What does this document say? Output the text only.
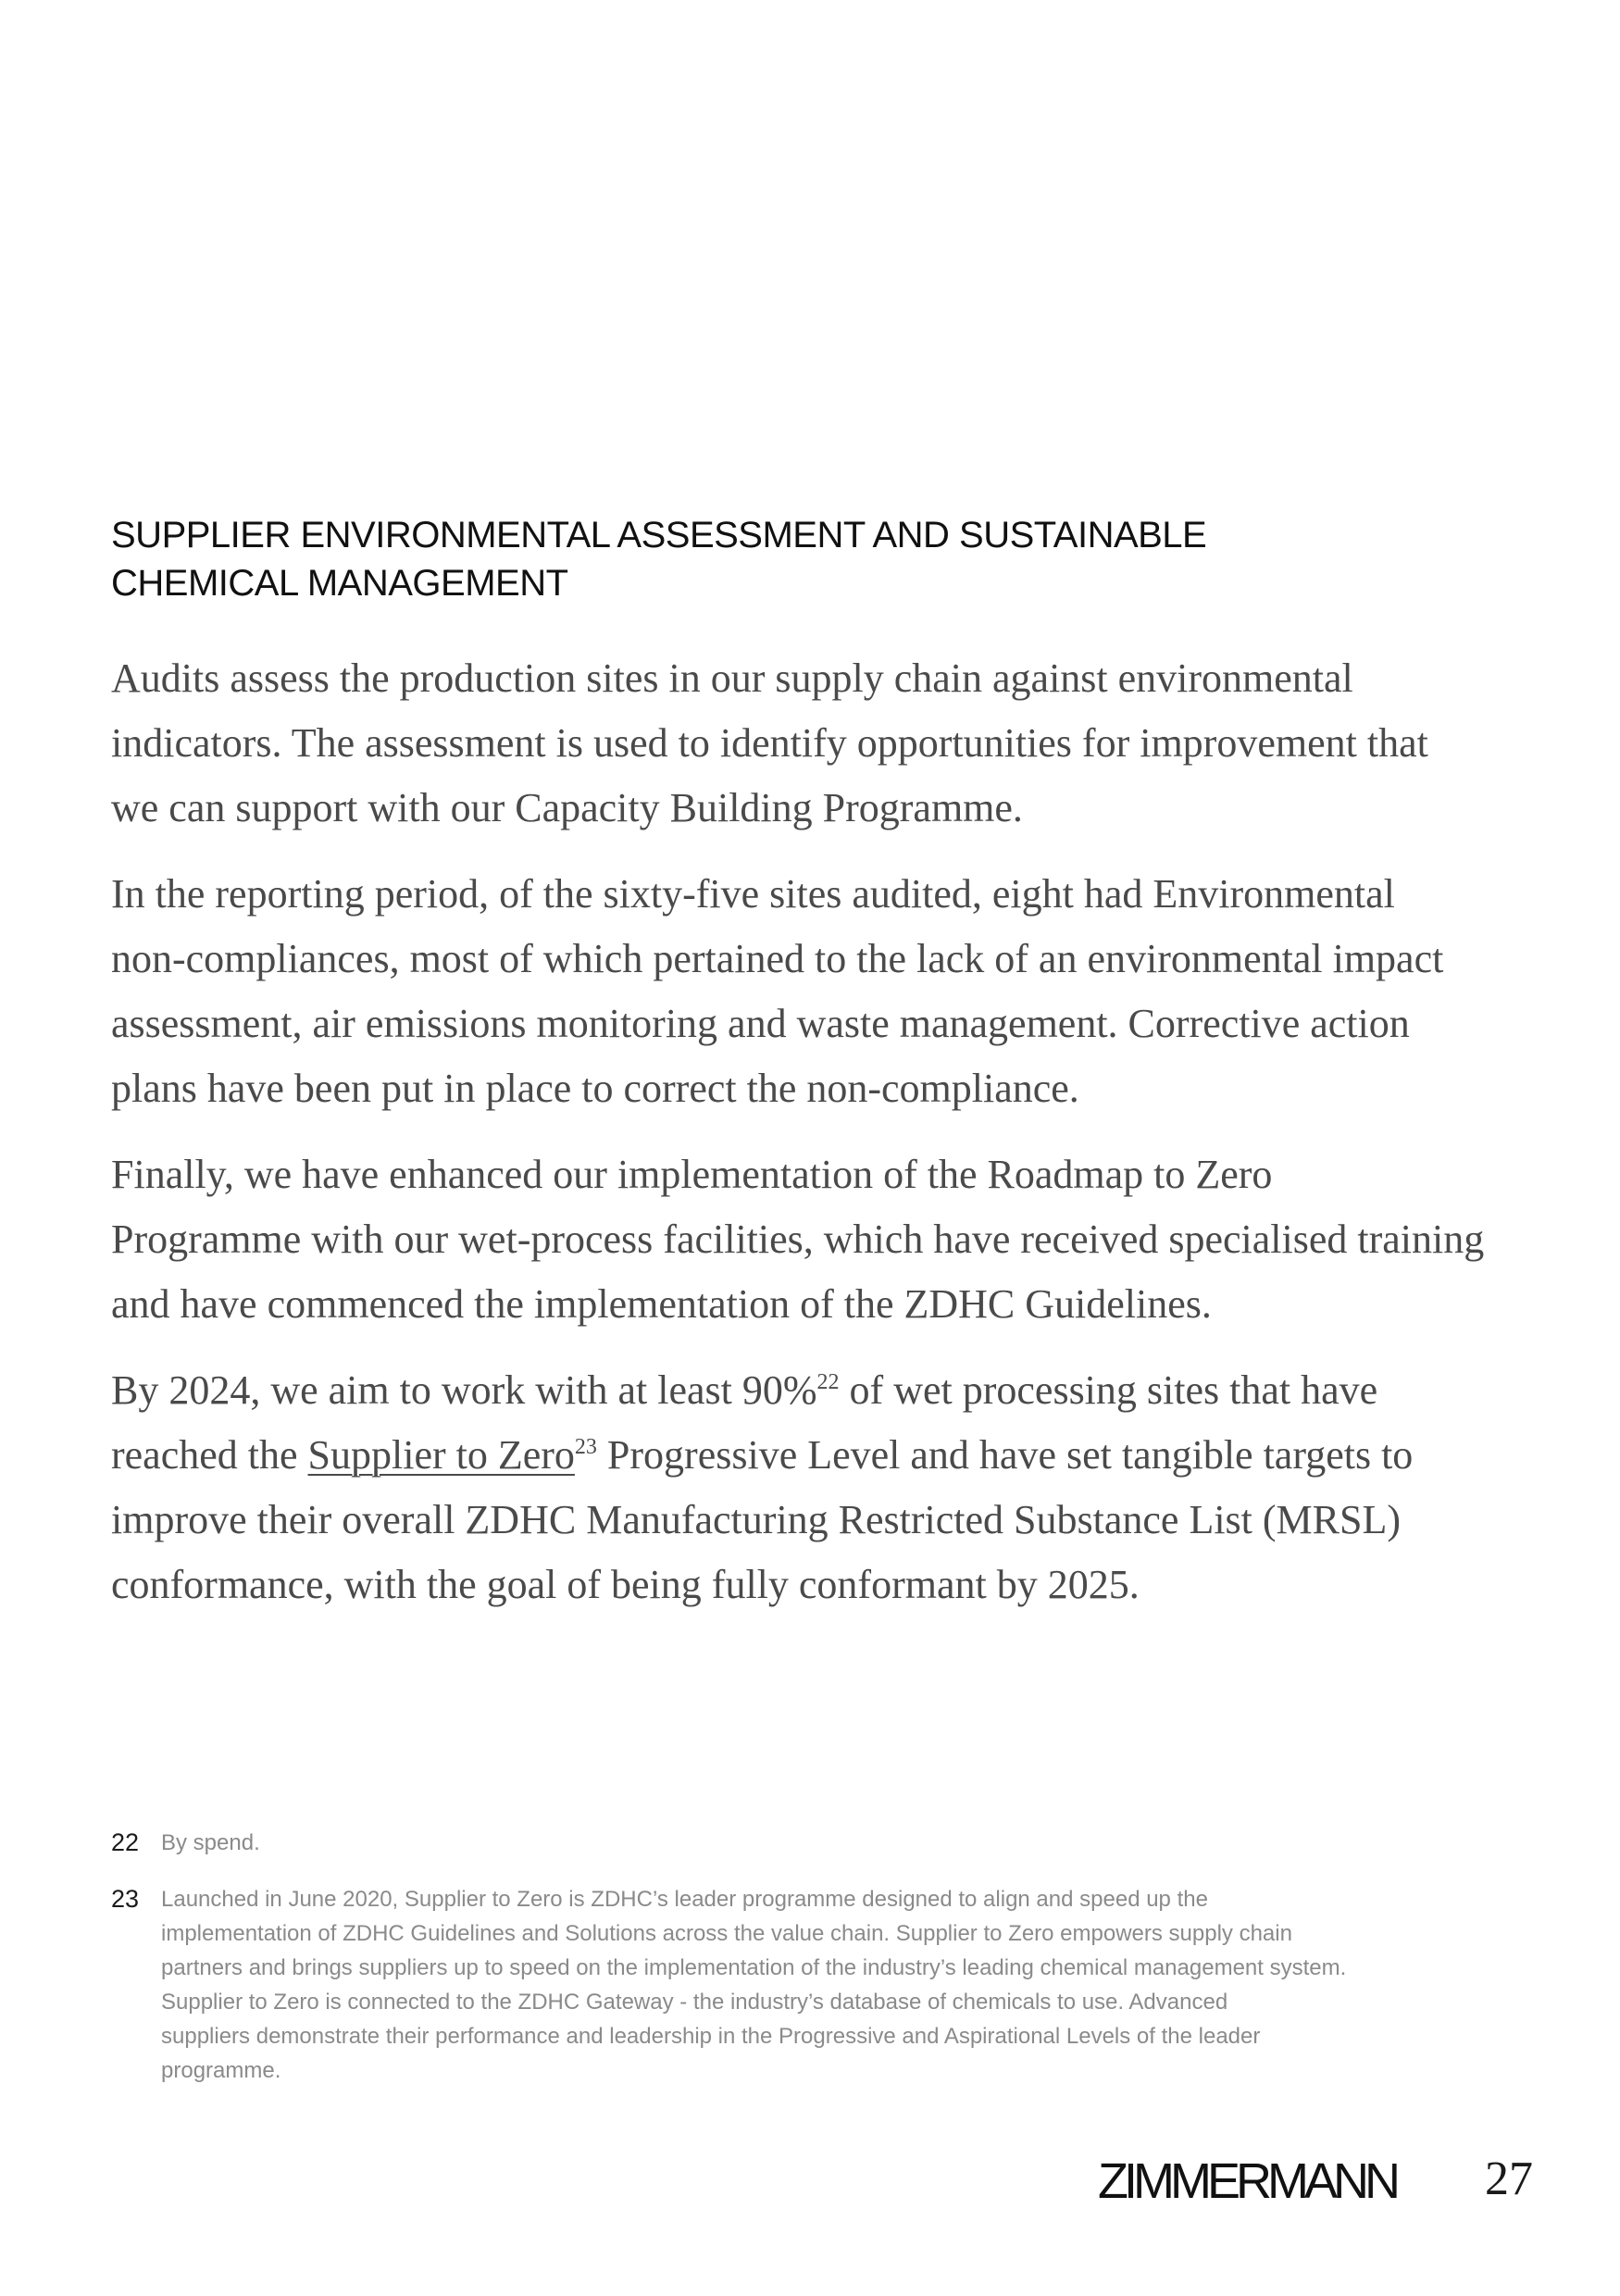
SUPPLIER ENVIRONMENTAL ASSESSMENT AND SUSTAINABLE
CHEMICAL MANAGEMENT

Audits assess the production sites in our supply chain against environmental
indicators. The assessment is used to identify opportunities for improvement that
we can support with our Capacity Building Programme.

In the reporting period, of the sixty-five sites audited, eight had Environmental
non-compliances, most of which pertained to the lack of an environmental impact
assessment, air emissions monitoring and waste management. Corrective action
plans have been put in place to correct the non-compliance.

Finally, we have enhanced our implementation of the Roadmap to Zero
Programme with our wet-process facilities, which have received specialised training
and have commenced the implementation of the ZDHC Guidelines.

By 2024, we aim to work with at least 90%$^{22}$ of wet processing sites that have
reached the Supplier to Zero$^{23}$ Progressive Level and have set tangible targets to
improve their overall ZDHC Manufacturing Restricted Substance List (MRSL)
conformance, with the goal of being fully conformant by 2025.

22 By spend.
23 Launched in June 2020, Supplier to Zero is ZDHC’s leader programme designed to align and speed up the
implementation of ZDHC Guidelines and Solutions across the value chain. Supplier to Zero empowers supply chain
partners and brings suppliers up to speed on the implementation of the industry’s leading chemical management system.
Supplier to Zero is connected to the ZDHC Gateway - the industry’s database of chemicals to use. Advanced
suppliers demonstrate their performance and leadership in the Progressive and Aspirational Levels of the leader
programme.
ZIMMERMANN 27
